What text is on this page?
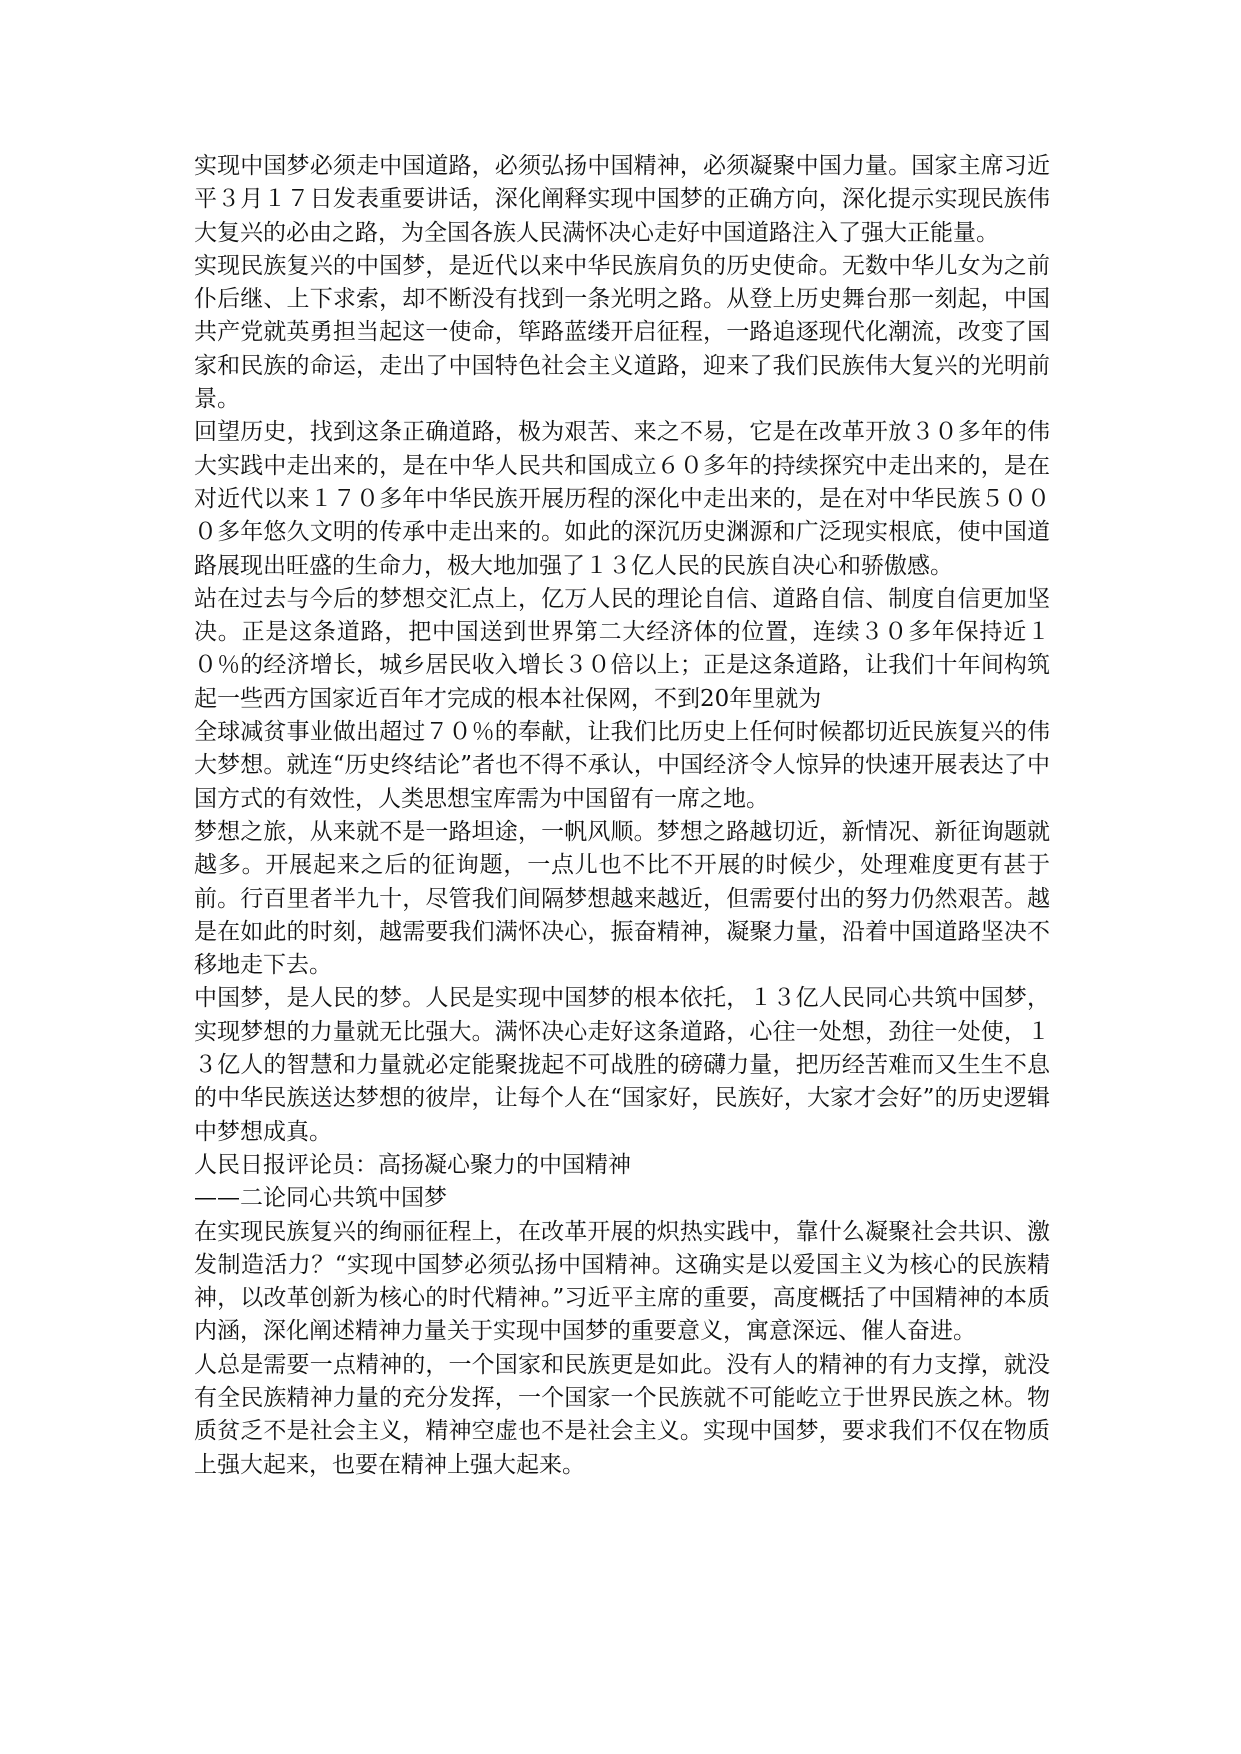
实现中国梦必须走中国道路，必须弘扬中国精神，必须凝聚中国力量。国家主席习近平３月１７日发表重要讲话，深化阐释实现中国梦的正确方向，深化提示实现民族伟大复兴的必由之路，为全国各族人民满怀决心走好中国道路注入了强大正能量。

实现民族复兴的中国梦，是近代以来中华民族肩负的历史使命。无数中华儿女为之前仆后继、上下求索，却不断没有找到一条光明之路。从登上历史舞台那一刻起，中国共产党就英勇担当起这一使命，筚路蓝缕开启征程，一路追逐现代化潮流，改变了国家和民族的命运，走出了中国特色社会主义道路，迎来了我们民族伟大复兴的光明前景。

回望历史，找到这条正确道路，极为艰苦、来之不易，它是在改革开放３０多年的伟大实践中走出来的，是在中华人民共和国成立６０多年的持续探究中走出来的，是在对近代以来１７０多年中华民族开展历程的深化中走出来的，是在对中华民族５０００多年悠久文明的传承中走出来的。如此的深沉历史渊源和广泛现实根底，使中国道路展现出旺盛的生命力，极大地加强了１３亿人民的民族自决心和骄傲感。

站在过去与今后的梦想交汇点上，亿万人民的理论自信、道路自信、制度自信更加坚决。正是这条道路，把中国送到世界第二大经济体的位置，连续３０多年保持近１０％的经济增长，城乡居民收入增长３０倍以上；正是这条道路，让我们十年间构筑起一些西方国家近百年才完成的根本社保网，不到20年里就为

全球减贫事业做出超过７０％的奉献，让我们比历史上任何时候都切近民族复兴的伟大梦想。就连“历史终结论”者也不得不承认，中国经济令人惊异的快速开展表达了中国方式的有效性，人类思想宝库需为中国留有一席之地。

梦想之旅，从来就不是一路坦途，一帆风顺。梦想之路越切近，新情况、新征询题就越多。开展起来之后的征询题，一点儿也不比不开展的时候少，处理难度更有甚于前。行百里者半九十，尽管我们间隔梦想越来越近，但需要付出的努力仍然艰苦。越是在如此的时刻，越需要我们满怀决心，振奋精神，凝聚力量，沿着中国道路坚决不移地走下去。

中国梦，是人民的梦。人民是实现中国梦的根本依托，１３亿人民同心共筑中国梦，实现梦想的力量就无比强大。满怀决心走好这条道路，心往一处想，劲往一处使，１３亿人的智慧和力量就必定能聚拢起不可战胜的磅礴力量，把历经苦难而又生生不息的中华民族送达梦想的彼岸，让每个人在“国家好，民族好，大家才会好”的历史逻辑中梦想成真。

人民日报评论员：高扬凝心聚力的中国精神

——二论同心共筑中国梦

在实现民族复兴的绚丽征程上，在改革开展的炽热实践中，靠什么凝聚社会共识、激发制造活力？“实现中国梦必须弘扬中国精神。这确实是以爱国主义为核心的民族精神，以改革创新为核心的时代精神。”习近平主席的重要，高度概括了中国精神的本质内涵，深化阐述精神力量关于实现中国梦的重要意义，寓意深远、催人奋进。

人总是需要一点精神的，一个国家和民族更是如此。没有人的精神的有力支撑，就没有全民族精神力量的充分发挥，一个国家一个民族就不可能屹立于世界民族之林。物质贫乏不是社会主义，精神空虚也不是社会主义。实现中国梦，要求我们不仅在物质上强大起来，也要在精神上强大起来。
